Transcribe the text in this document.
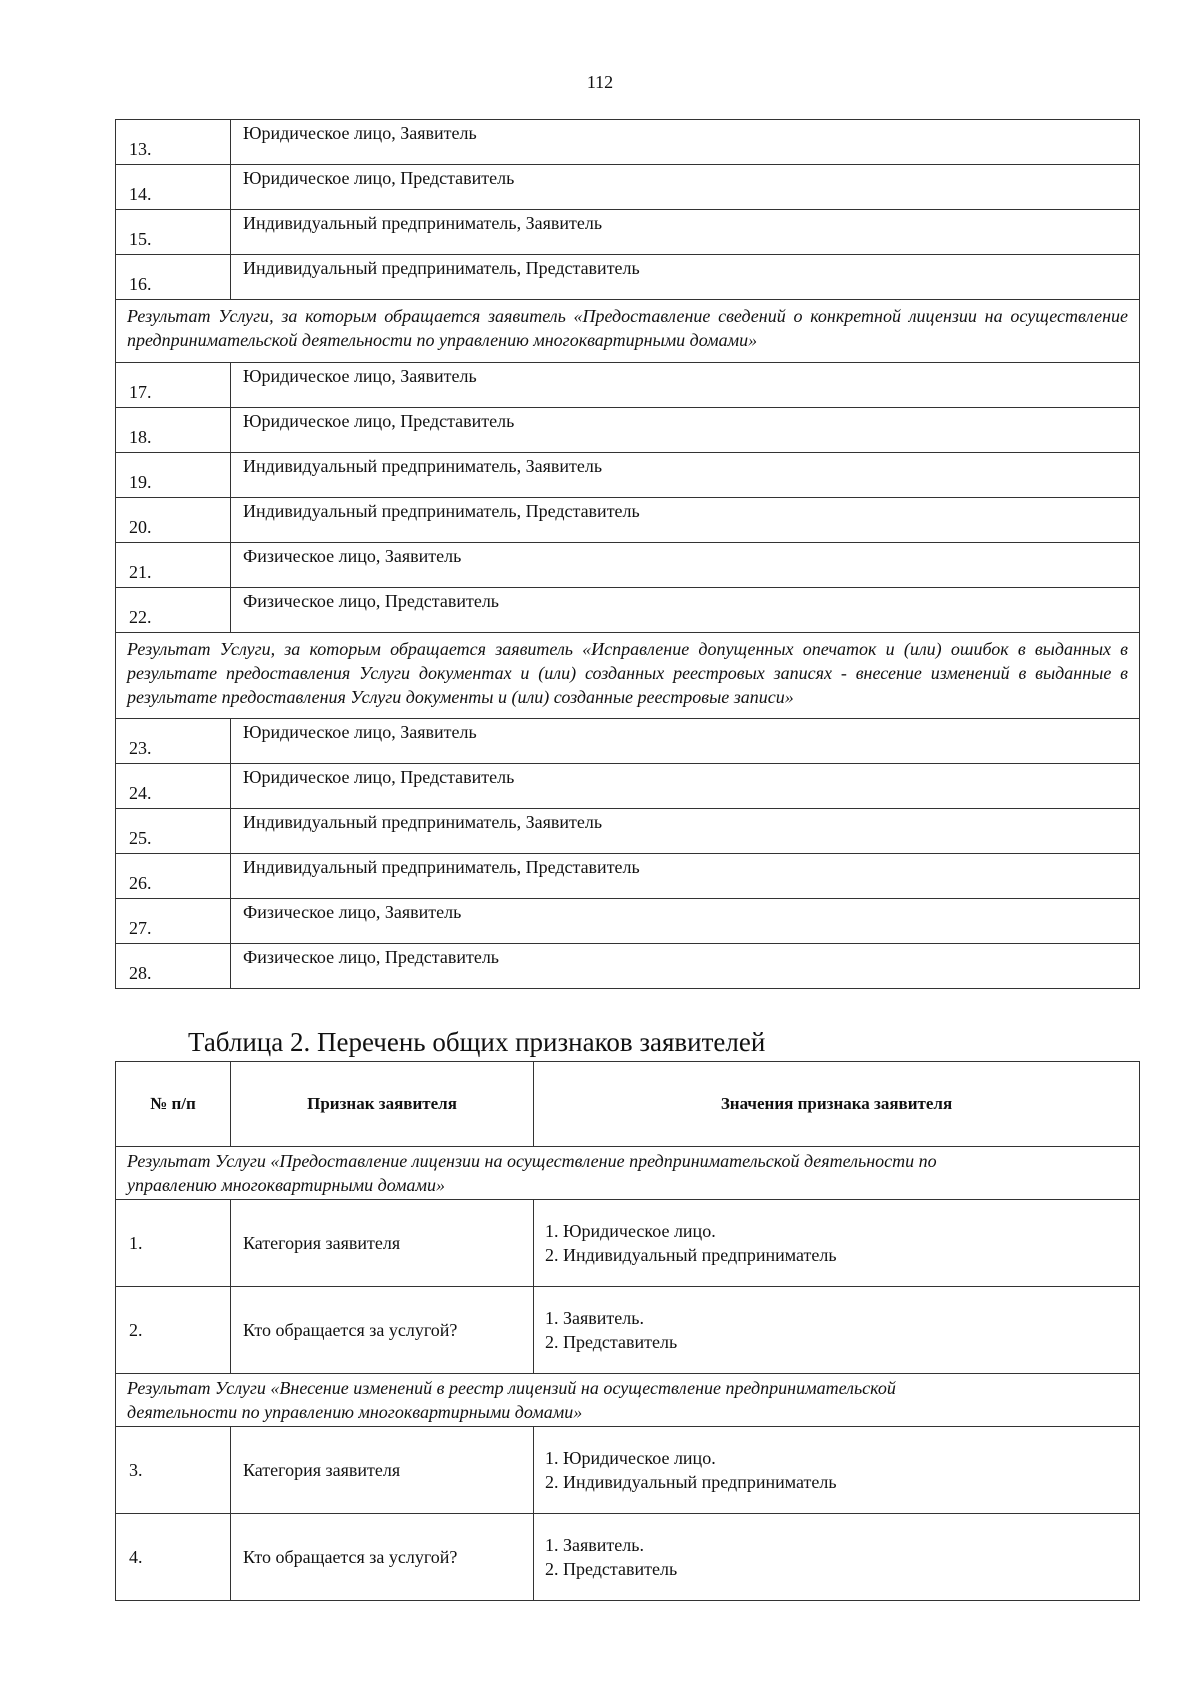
112
13.	Юридическое лицо, Заявитель
14.	Юридическое лицо, Представитель
15.	Индивидуальный предприниматель, Заявитель
16.	Индивидуальный предприниматель, Представитель
Результат Услуги, за которым обращается заявитель «Предоставление сведений о конкретной лицензии на осуществление предпринимательской деятельности по управлению многоквартирными домами»	
17.	Юридическое лицо, Заявитель
18.	Юридическое лицо, Представитель
19.	Индивидуальный предприниматель, Заявитель
20.	Индивидуальный предприниматель, Представитель
21.	Физическое лицо, Заявитель
22.	Физическое лицо, Представитель
Результат Услуги, за которым обращается заявитель «Исправление допущенных опечаток и (или) ошибок в выданных в результате предоставления Услуги документах и (или) созданных реестровых записях - внесение изменений в выданные в результате предоставления Услуги документы и (или) созданные реестровые записи»	
23.	Юридическое лицо, Заявитель
24.	Юридическое лицо, Представитель
25.	Индивидуальный предприниматель, Заявитель
26.	Индивидуальный предприниматель, Представитель
27.	Физическое лицо, Заявитель
28.	Физическое лицо, Представитель
Таблица 2. Перечень общих признаков заявителей
№ п/п	Признак заявителя	Значения признака заявителя

Результат Услуги «Предоставление лицензии на осуществление предпринимательской деятельности по
управлению многоквартирными домами»		

1.	Категория заявителя	1. Юридическое лицо.
2. Индивидуальный предприниматель

2.	Кто обращается за услугой?	1. Заявитель.
2. Представитель

Результат Услуги «Внесение изменений в реестр лицензий на осуществление предпринимательской
деятельности по управлению многоквартирными домами»		

3.	Категория заявителя	1. Юридическое лицо.
2. Индивидуальный предприниматель

4.	Кто обращается за услугой?	1. Заявитель.
2. Представитель
